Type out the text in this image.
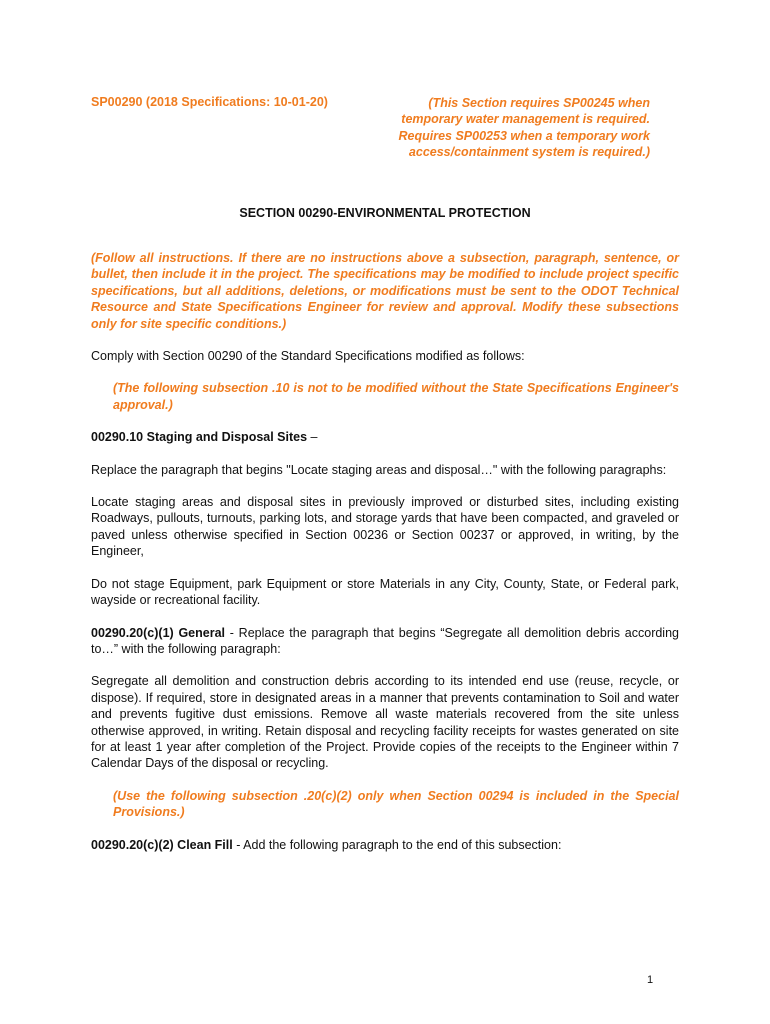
SP00290 (2018 Specifications: 10-01-20)	(This Section requires SP00245 when temporary water management is required. Requires SP00253 when a temporary work access/containment system is required.)
SECTION 00290-ENVIRONMENTAL PROTECTION

(Follow all instructions. If there are no instructions above a subsection, paragraph, sentence, or bullet, then include it in the project. The specifications may be modified to include project specific specifications, but all additions, deletions, or modifications must be sent to the ODOT Technical Resource and State Specifications Engineer for review and approval. Modify these subsections only for site specific conditions.)

Comply with Section 00290 of the Standard Specifications modified as follows:

(The following subsection .10 is not to be modified without the State Specifications Engineer's approval.)

00290.10 Staging and Disposal Sites –

Replace the paragraph that begins "Locate staging areas and disposal…" with the following paragraphs:

Locate staging areas and disposal sites in previously improved or disturbed sites, including existing Roadways, pullouts, turnouts, parking lots, and storage yards that have been compacted, and graveled or paved unless otherwise specified in Section 00236 or Section 00237 or approved, in writing, by the Engineer,

Do not stage Equipment, park Equipment or store Materials in any City, County, State, or Federal park, wayside or recreational facility.

00290.20(c)(1) General - Replace the paragraph that begins “Segregate all demolition debris according to…” with the following paragraph:

Segregate all demolition and construction debris according to its intended end use (reuse, recycle, or dispose). If required, store in designated areas in a manner that prevents contamination to Soil and water and prevents fugitive dust emissions. Remove all waste materials recovered from the site unless otherwise approved, in writing. Retain disposal and recycling facility receipts for wastes generated on site for at least 1 year after completion of the Project. Provide copies of the receipts to the Engineer within 7 Calendar Days of the disposal or recycling.

(Use the following subsection .20(c)(2) only when Section 00294 is included in the Special Provisions.)

00290.20(c)(2) Clean Fill - Add the following paragraph to the end of this subsection:

1
